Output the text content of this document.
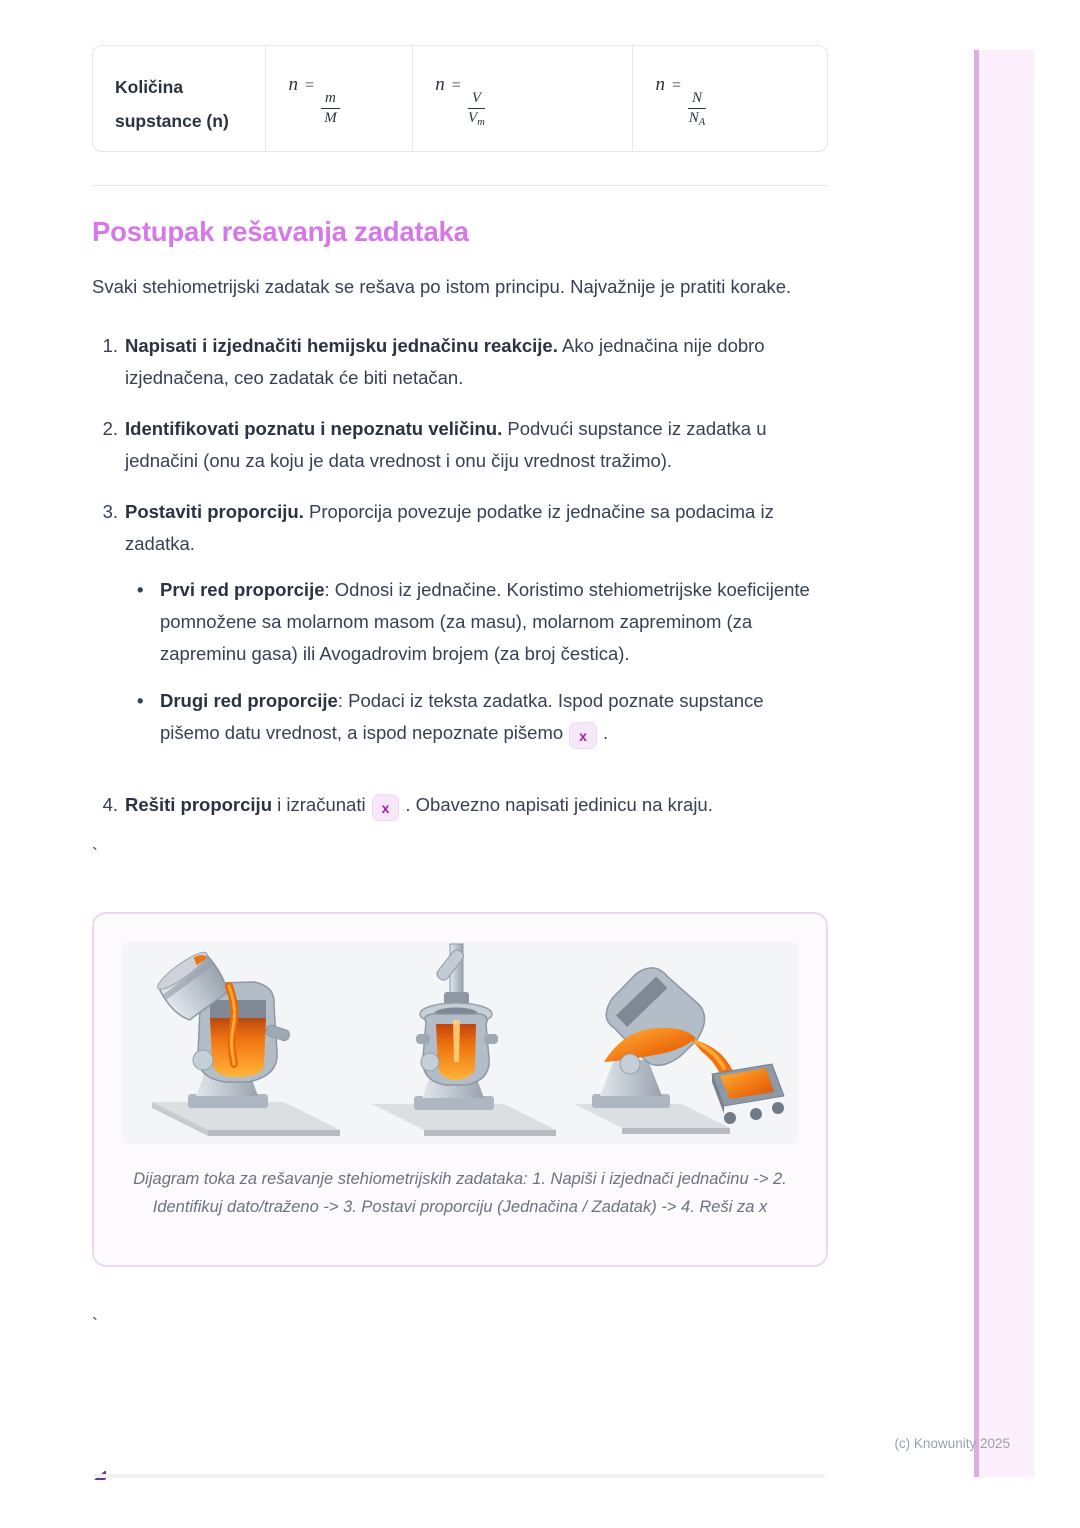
Količina supstance (n)
n =
$\frac{m}{M}$
n =
$\frac{V}{V_m}$
n =
$\frac{N}{N_A}$
Postupak rešavanja zadataka

Svaki stehiometrijski zadatak se rešava po istom principu. Najvažnije je pratiti korake.

1. Napisati i izjednačiti hemijsku jednačinu reakcije. Ako jednačina nije dobro izjednačena, ceo zadatak će biti netačan.
2. Identifikovati poznatu i nepoznatu veličinu. Podvući supstance iz zadatka u jednačini (onu za koju je data vrednost i onu čiju vrednost tražimo).
3. Postaviti proporciju. Proporcija povezuje podatke iz jednačine sa podacima iz zadatka.
•
Prvi red proporcije: Odnosi iz jednačine. Koristimo stehiometrijske koeficijente pomnožene sa molarnom masom (za masu), molarnom zapreminom (za zapreminu gasa) ili Avogadrovim brojem (za broj čestica).
•
Drugi red proporcije: Podaci iz teksta zadatka. Ispod poznate supstance pišemo datu vrednost, a ispod nepoznate pišemo x .
4. Rešiti proporciju i izračunati x . Obavezno napisati jedinicu na kraju.
`
Dijagram toka za rešavanje stehiometrijskih zadataka: 1. Napiši i izjednači jednačinu -> 2. Identifikuj dato/traženo -> 3. Postavi proporciju (Jednačina / Zadatak) -> 4. Reši za x
`
(c) Knowunity 2025
